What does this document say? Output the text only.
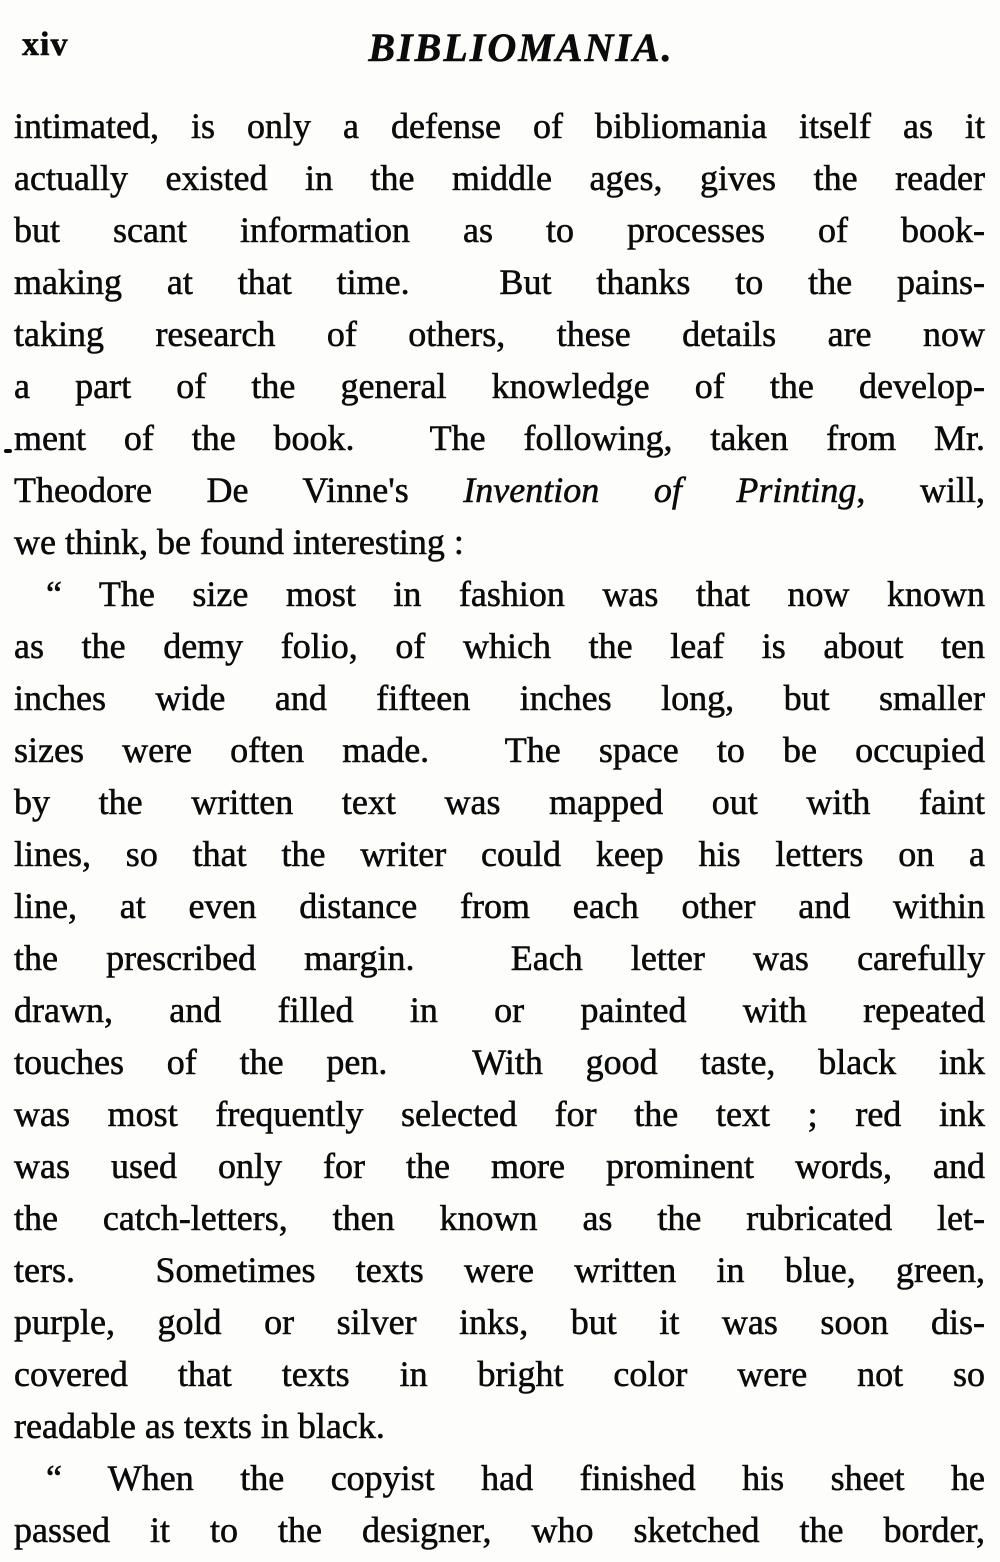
xiv	BIBLIOMANIA.
intimated, is only a defense of bibliomania itself as it
actually existed in the middle ages, gives the reader
but scant information as to processes of book-
making at that time.  But thanks to the pains-
taking research of others, these details are now
a part of the general knowledge of the develop-
ment of the book.  The following, taken from Mr.
Theodore De Vinne's Invention of Printing, will,
we think, be found interesting :
“ The size most in fashion was that now known
as the demy folio, of which the leaf is about ten
inches wide and fifteen inches long, but smaller
sizes were often made.  The space to be occupied
by the written text was mapped out with faint
lines, so that the writer could keep his letters on a
line, at even distance from each other and within
the prescribed margin.  Each letter was carefully
drawn, and filled in or painted with repeated
touches of the pen.  With good taste, black ink
was most frequently selected for the text ; red ink
was used only for the more prominent words, and
the catch-letters, then known as the rubricated let-
ters.  Sometimes texts were written in blue, green,
purple, gold or silver inks, but it was soon dis-
covered that texts in bright color were not so
readable as texts in black.
“ When the copyist had finished his sheet he
passed it to the designer, who sketched the border,
